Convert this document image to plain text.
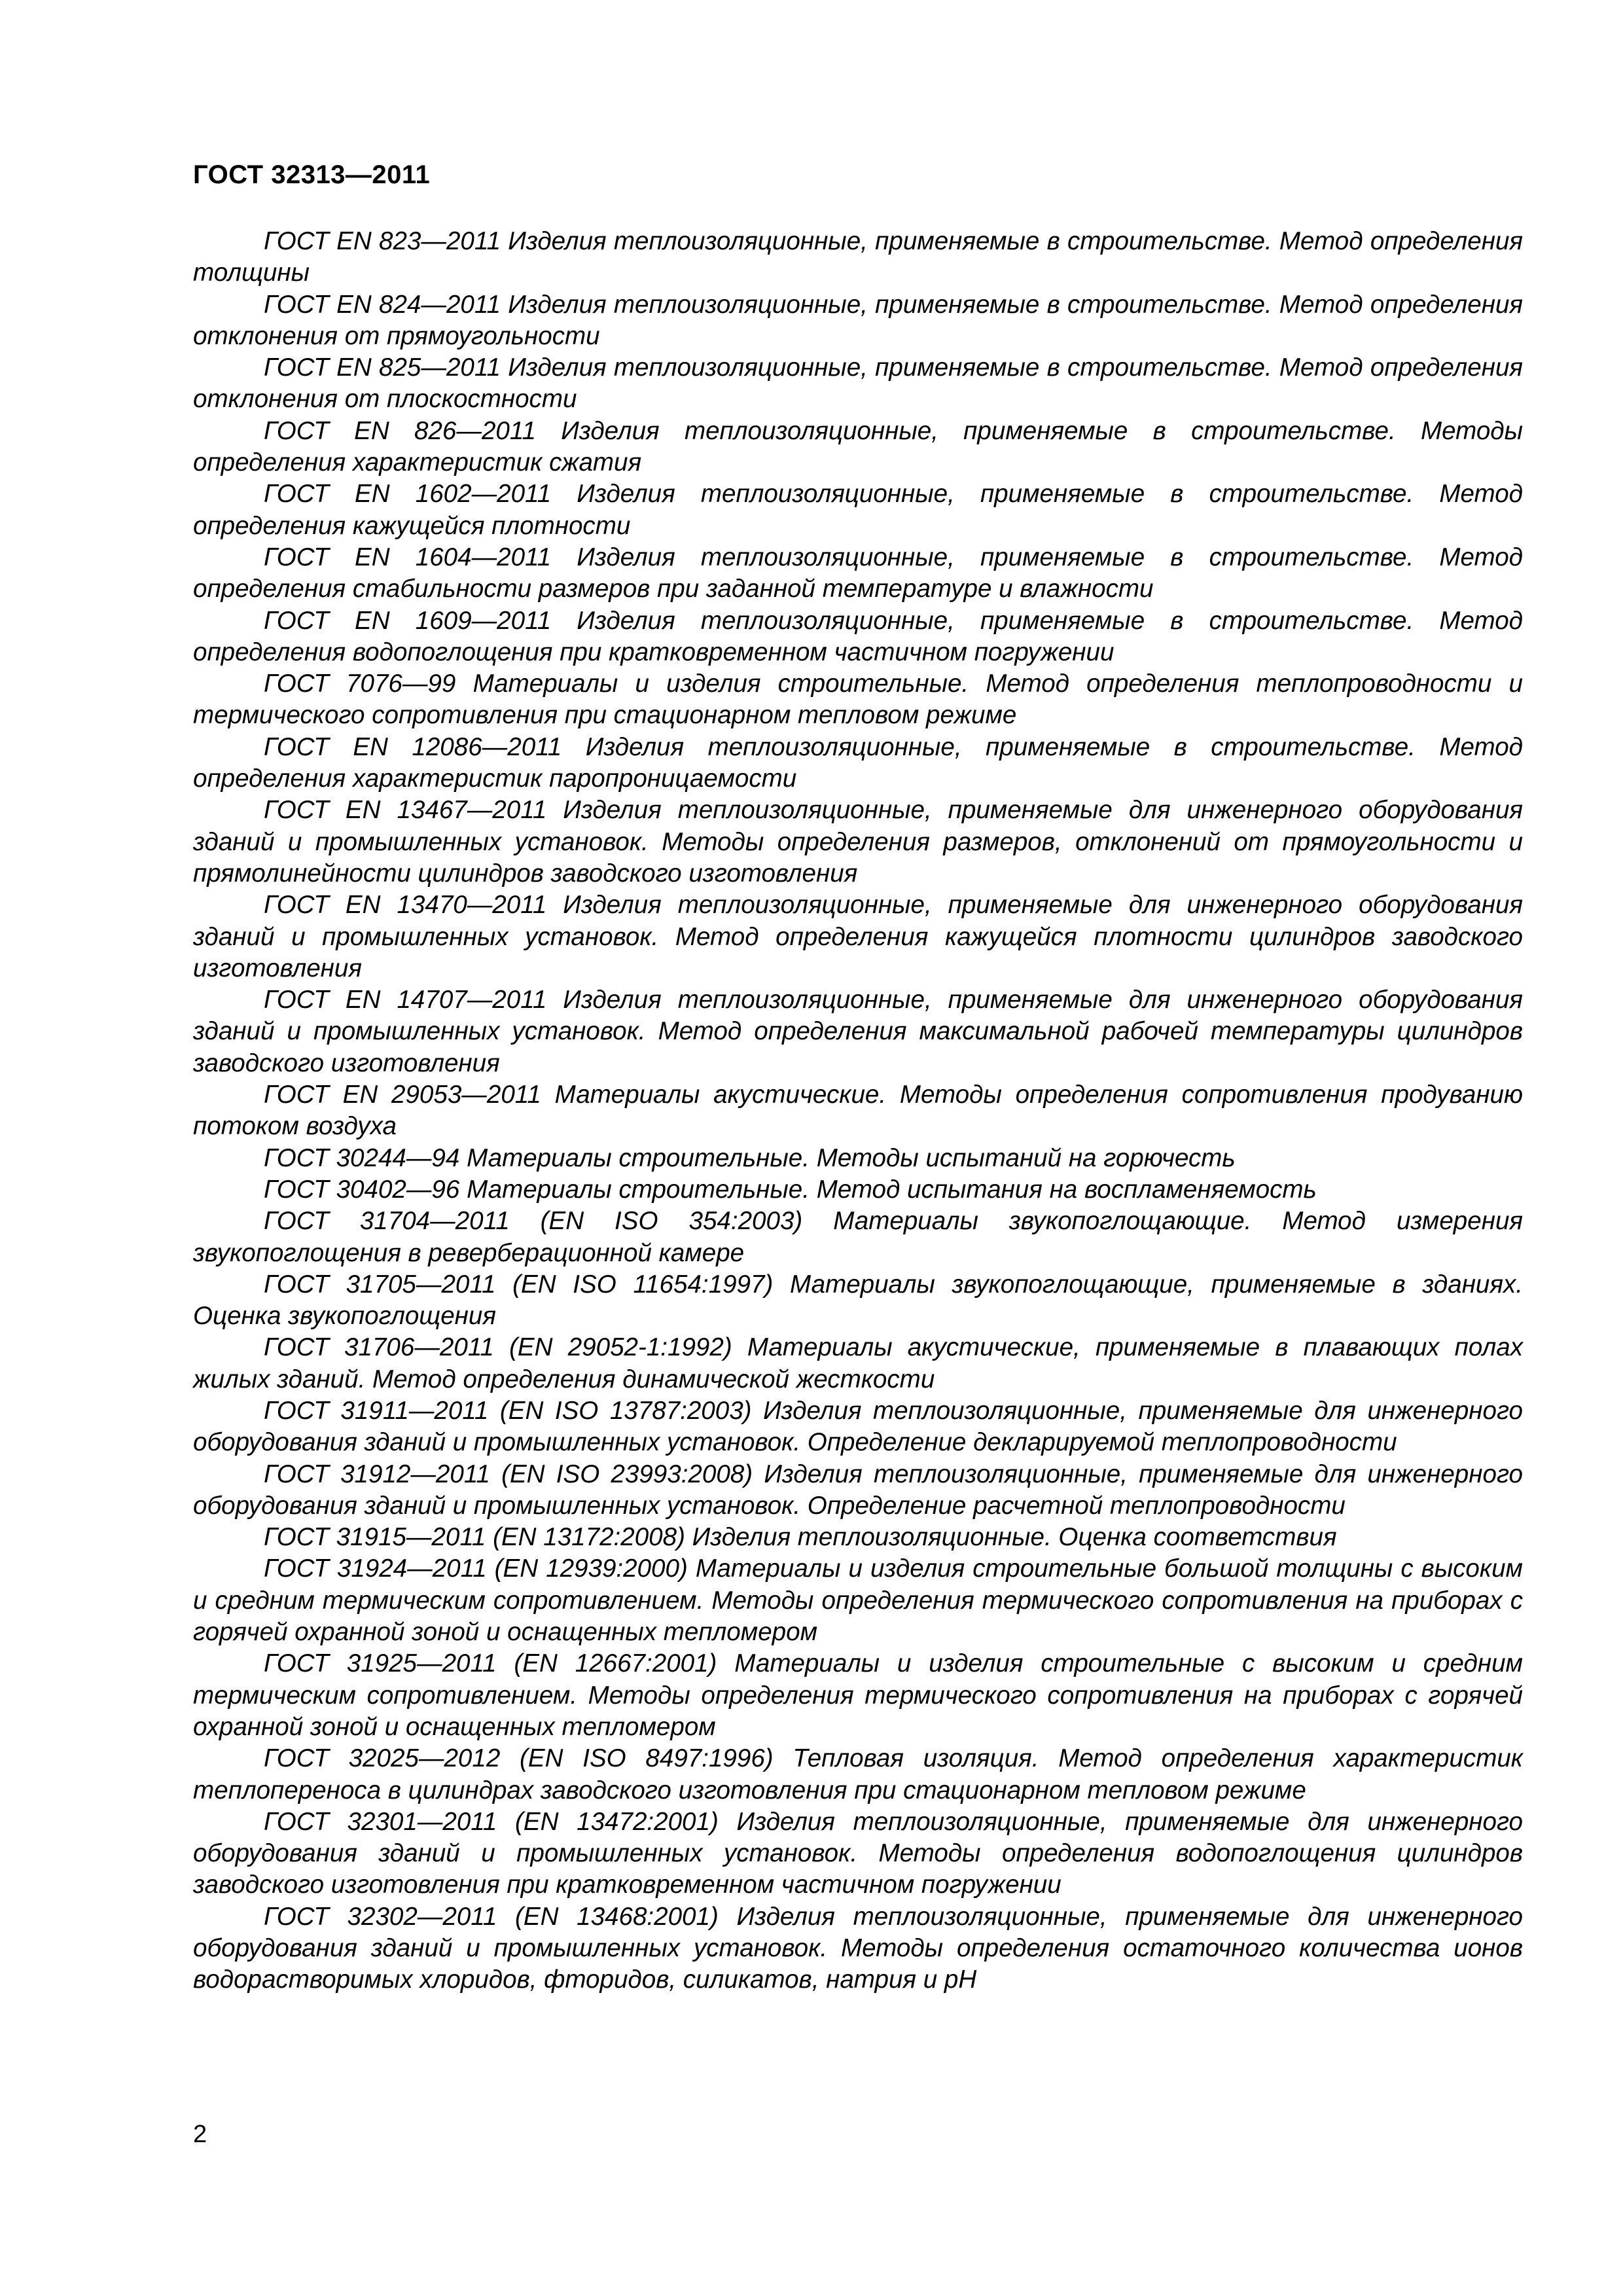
ГОСТ 32313—2011

ГОСТ EN 823—2011 Изделия теплоизоляционные, применяемые в строительстве. Метод определения толщины

ГОСТ EN 824—2011 Изделия теплоизоляционные, применяемые в строительстве. Метод определения отклонения от прямоугольности

ГОСТ EN 825—2011 Изделия теплоизоляционные, применяемые в строительстве. Метод определения отклонения от плоскостности

ГОСТ EN 826—2011 Изделия теплоизоляционные, применяемые в строительстве. Методы определения характеристик сжатия

ГОСТ EN 1602—2011 Изделия теплоизоляционные, применяемые в строительстве. Метод определения кажущейся плотности

ГОСТ EN 1604—2011 Изделия теплоизоляционные, применяемые в строительстве. Метод определения стабильности размеров при заданной температуре и влажности

ГОСТ EN 1609—2011 Изделия теплоизоляционные, применяемые в строительстве. Метод определения водопоглощения при кратковременном частичном погружении

ГОСТ 7076—99 Материалы и изделия строительные. Метод определения теплопроводности и термического сопротивления при стационарном тепловом режиме

ГОСТ EN 12086—2011 Изделия теплоизоляционные, применяемые в строительстве. Метод определения характеристик паропроницаемости

ГОСТ EN 13467—2011 Изделия теплоизоляционные, применяемые для инженерного оборудования зданий и промышленных установок. Методы определения размеров, отклонений от прямоугольности и прямолинейности цилиндров заводского изготовления

ГОСТ EN 13470—2011 Изделия теплоизоляционные, применяемые для инженерного оборудования зданий и промышленных установок. Метод определения кажущейся плотности цилиндров заводского изготовления

ГОСТ EN 14707—2011 Изделия теплоизоляционные, применяемые для инженерного оборудования зданий и промышленных установок. Метод определения максимальной рабочей температуры цилиндров заводского изготовления

ГОСТ EN 29053—2011 Материалы акустические. Методы определения сопротивления продуванию потоком воздуха

ГОСТ 30244—94 Материалы строительные. Методы испытаний на горючесть

ГОСТ 30402—96 Материалы строительные. Метод испытания на воспламеняемость

ГОСТ 31704—2011 (EN ISO 354:2003) Материалы звукопоглощающие. Метод измерения звукопоглощения в реверберационной камере

ГОСТ 31705—2011 (EN ISO 11654:1997) Материалы звукопоглощающие, применяемые в зданиях. Оценка звукопоглощения

ГОСТ 31706—2011 (EN 29052-1:1992) Материалы акустические, применяемые в плавающих полах жилых зданий. Метод определения динамической жесткости

ГОСТ 31911—2011 (EN ISO 13787:2003) Изделия теплоизоляционные, применяемые для инженерного оборудования зданий и промышленных установок. Определение декларируемой теплопроводности

ГОСТ 31912—2011 (EN ISO 23993:2008) Изделия теплоизоляционные, применяемые для инженерного оборудования зданий и промышленных установок. Определение расчетной теплопроводности

ГОСТ 31915—2011 (EN 13172:2008) Изделия теплоизоляционные. Оценка соответствия

ГОСТ 31924—2011 (EN 12939:2000) Материалы и изделия строительные большой толщины с высоким и средним термическим сопротивлением. Методы определения термического сопротивления на приборах с горячей охранной зоной и оснащенных тепломером

ГОСТ 31925—2011 (EN 12667:2001) Материалы и изделия строительные с высоким и средним термическим сопротивлением. Методы определения термического сопротивления на приборах с горячей охранной зоной и оснащенных тепломером

ГОСТ 32025—2012 (EN ISO 8497:1996) Тепловая изоляция. Метод определения характеристик теплопереноса в цилиндрах заводского изготовления при стационарном тепловом режиме

ГОСТ 32301—2011 (EN 13472:2001) Изделия теплоизоляционные, применяемые для инженерного оборудования зданий и промышленных установок. Методы определения водопоглощения цилиндров заводского изготовления при кратковременном частичном погружении

ГОСТ 32302—2011 (EN 13468:2001) Изделия теплоизоляционные, применяемые для инженерного оборудования зданий и промышленных установок. Методы определения остаточного количества ионов водорастворимых хлоридов, фторидов, силикатов, натрия и pH

2
